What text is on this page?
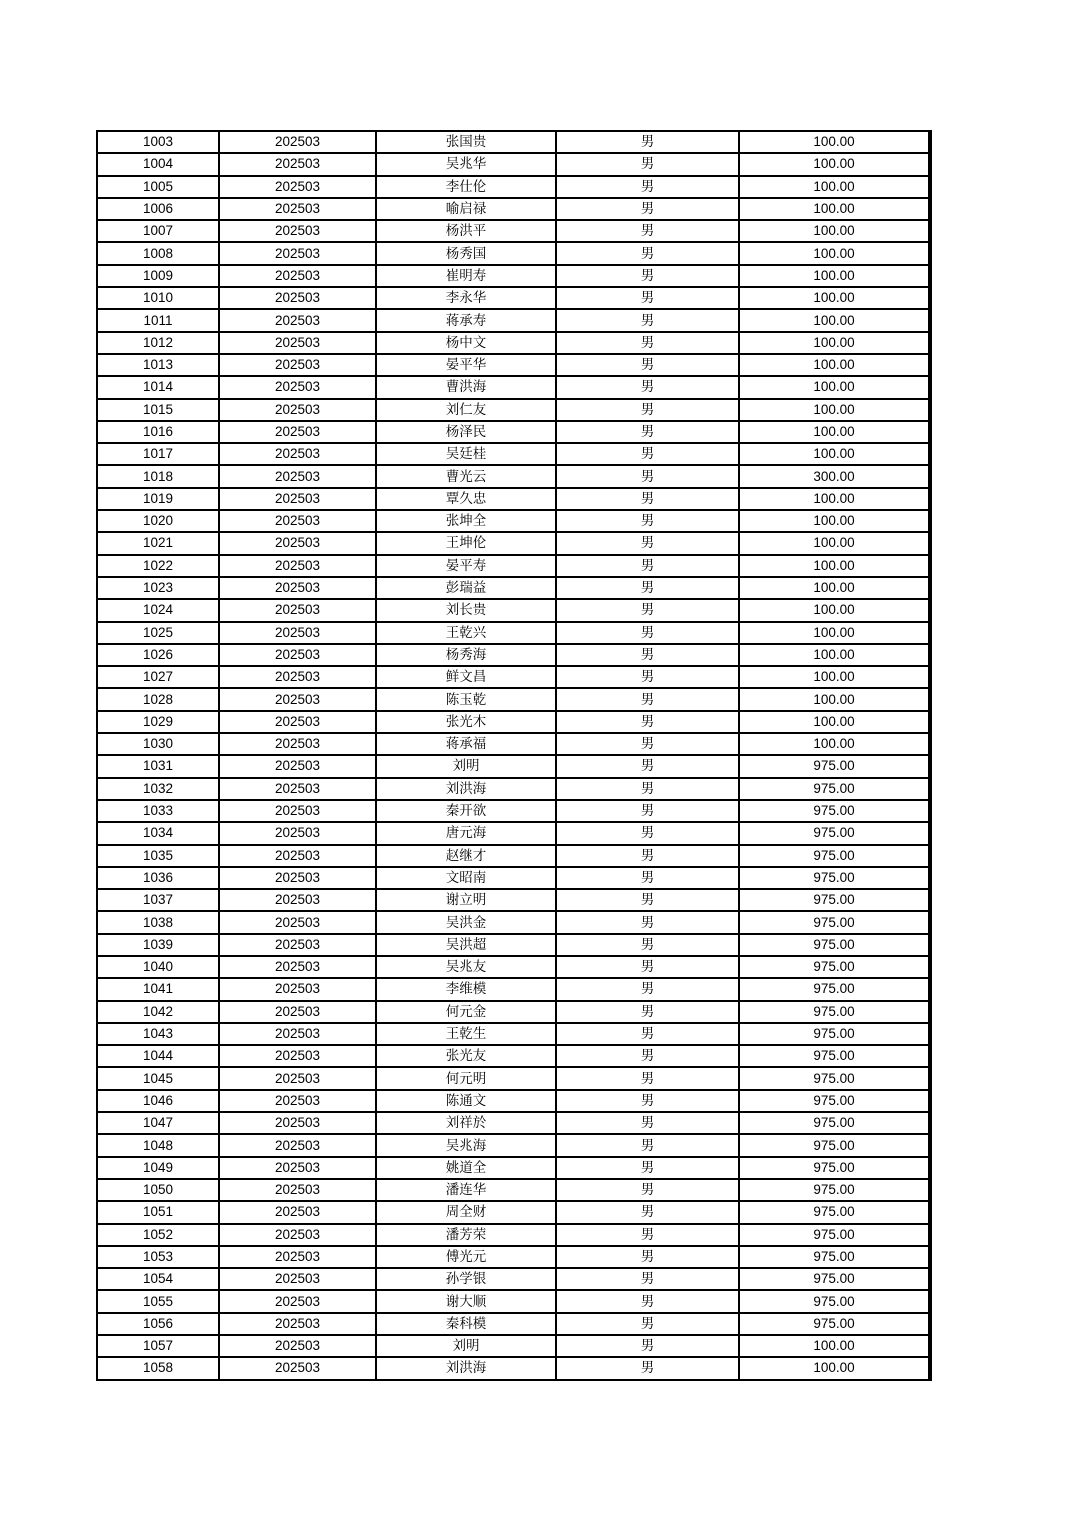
1003	202503	张国贵	男	100.00
1004	202503	吴兆华	男	100.00
1005	202503	李仕伦	男	100.00
1006	202503	喻启禄	男	100.00
1007	202503	杨洪平	男	100.00
1008	202503	杨秀国	男	100.00
1009	202503	崔明寿	男	100.00
1010	202503	李永华	男	100.00
1011	202503	蒋承寿	男	100.00
1012	202503	杨中文	男	100.00
1013	202503	晏平华	男	100.00
1014	202503	曹洪海	男	100.00
1015	202503	刘仁友	男	100.00
1016	202503	杨泽民	男	100.00
1017	202503	吴廷桂	男	100.00
1018	202503	曹光云	男	300.00
1019	202503	覃久忠	男	100.00
1020	202503	张坤全	男	100.00
1021	202503	王坤伦	男	100.00
1022	202503	晏平寿	男	100.00
1023	202503	彭瑞益	男	100.00
1024	202503	刘长贵	男	100.00
1025	202503	王乾兴	男	100.00
1026	202503	杨秀海	男	100.00
1027	202503	鲜文昌	男	100.00
1028	202503	陈玉乾	男	100.00
1029	202503	张光木	男	100.00
1030	202503	蒋承福	男	100.00
1031	202503	刘明	男	975.00
1032	202503	刘洪海	男	975.00
1033	202503	秦开欲	男	975.00
1034	202503	唐元海	男	975.00
1035	202503	赵继才	男	975.00
1036	202503	文昭南	男	975.00
1037	202503	谢立明	男	975.00
1038	202503	吴洪金	男	975.00
1039	202503	吴洪超	男	975.00
1040	202503	吴兆友	男	975.00
1041	202503	李维模	男	975.00
1042	202503	何元金	男	975.00
1043	202503	王乾生	男	975.00
1044	202503	张光友	男	975.00
1045	202503	何元明	男	975.00
1046	202503	陈通文	男	975.00
1047	202503	刘祥於	男	975.00
1048	202503	吴兆海	男	975.00
1049	202503	姚道全	男	975.00
1050	202503	潘连华	男	975.00
1051	202503	周全财	男	975.00
1052	202503	潘芳荣	男	975.00
1053	202503	傅光元	男	975.00
1054	202503	孙学银	男	975.00
1055	202503	谢大顺	男	975.00
1056	202503	秦科模	男	975.00
1057	202503	刘明	男	100.00
1058	202503	刘洪海	男	100.00
